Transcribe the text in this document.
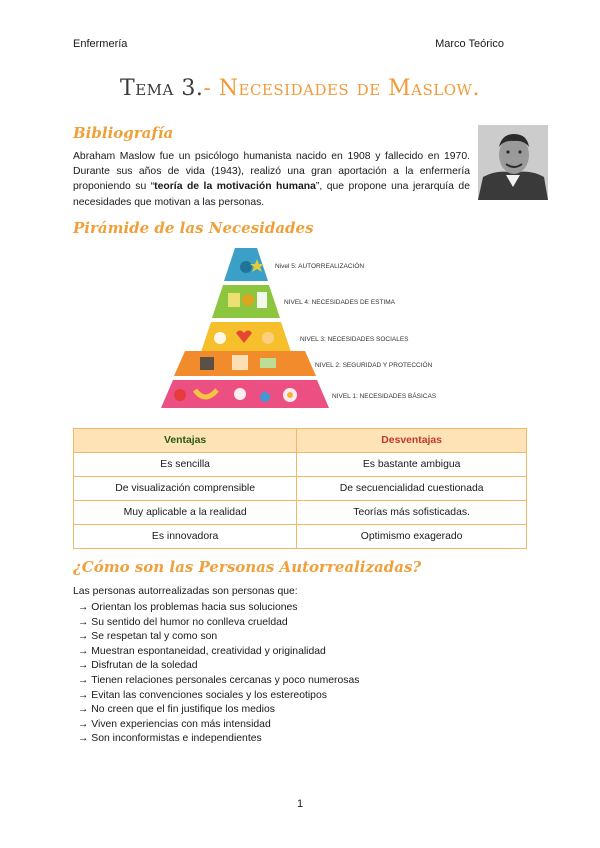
Enfermería	Marco Teórico
Tema 3.- Necesidades de Maslow.
Bibliografía
Abraham Maslow fue un psicólogo humanista nacido en 1908 y fallecido en 1970. Durante sus años de vida (1943), realizó una gran aportación a la enfermería proponiendo su “teoría de la motivación humana”, que propone una jerarquía de necesidades que motivan a las personas.
Pirámide de las Necesidades
Nivel 5: AUTORREALIZACIÓN
NIVEL 4: NECESIDADES DE ESTIMA
NIVEL 3: NECESIDADES SOCIALES
NIVEL 2: SEGURIDAD Y PROTECCIÓN
NIVEL 1: NECESIDADES BÁSICAS
Ventajas	Desventajas
Es sencilla	Es bastante ambigua
De visualización comprensible	De secuencialidad cuestionada
Muy aplicable a la realidad	Teorías más sofisticadas.
Es innovadora	Optimismo exagerado
¿Cómo son las Personas Autorrealizadas?
Las personas autorrealizadas son personas que:
→ Orientan los problemas hacia sus soluciones
→ Su sentido del humor no conlleva crueldad
→ Se respetan tal y como son
→ Muestran espontaneidad, creatividad y originalidad
→ Disfrutan de la soledad
→ Tienen relaciones personales cercanas y poco numerosas
→ Evitan las convenciones sociales y los estereotipos
→ No creen que el fin justifique los medios
→ Viven experiencias con más intensidad
→ Son inconformistas e independientes
1
